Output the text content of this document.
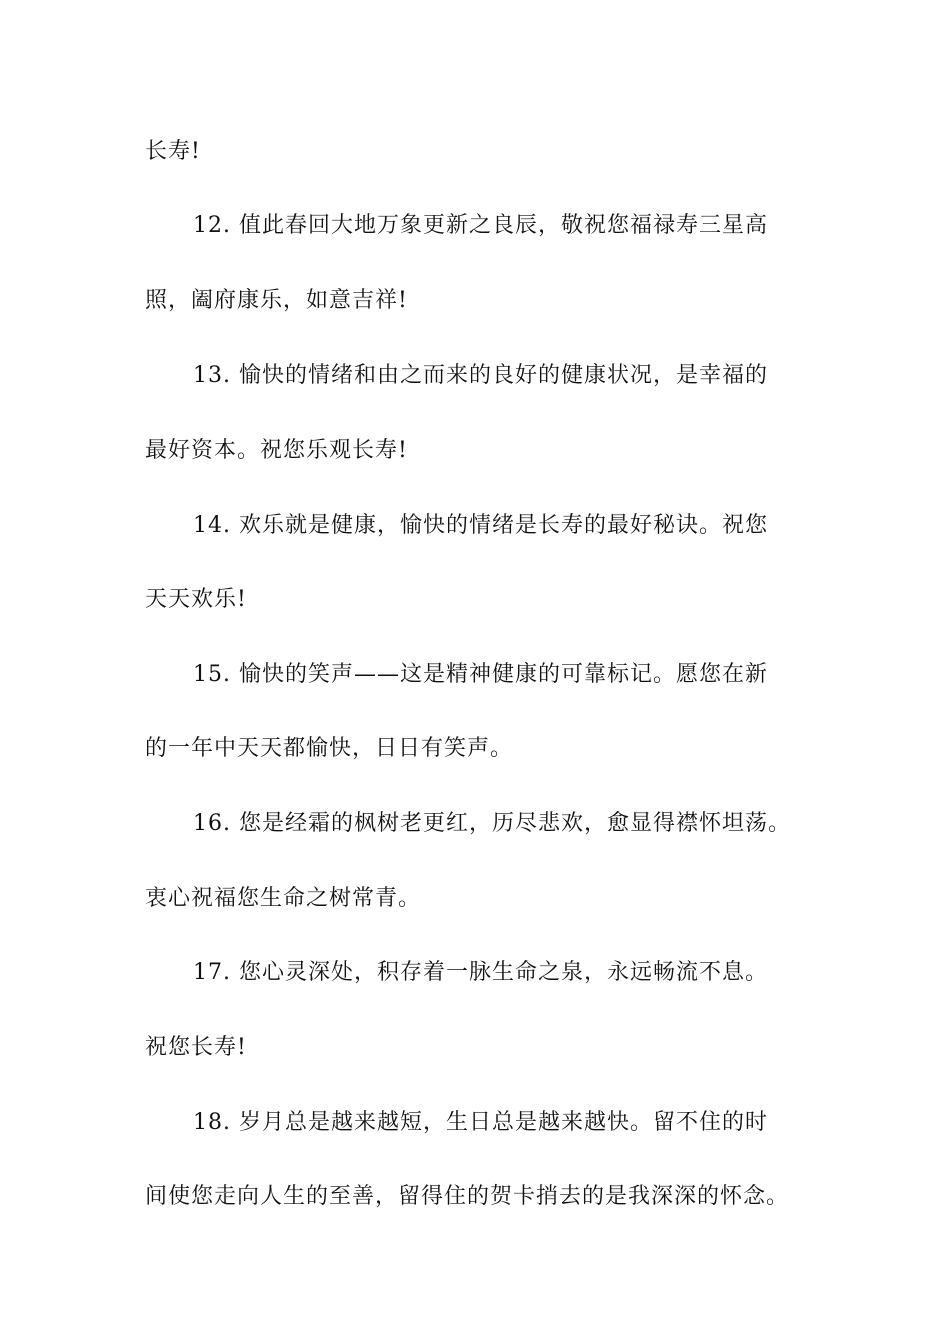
长寿!
12. 值此春回大地万象更新之良辰，敬祝您福禄寿三星高
照，阖府康乐，如意吉祥!
13. 愉快的情绪和由之而来的良好的健康状况，是幸福的
最好资本。祝您乐观长寿!
14. 欢乐就是健康，愉快的情绪是长寿的最好秘诀。祝您
天天欢乐!
15. 愉快的笑声——这是精神健康的可靠标记。愿您在新
的一年中天天都愉快，日日有笑声。
16. 您是经霜的枫树老更红，历尽悲欢，愈显得襟怀坦荡。
衷心祝福您生命之树常青。
17. 您心灵深处，积存着一脉生命之泉，永远畅流不息。
祝您长寿!
18. 岁月总是越来越短，生日总是越来越快。留不住的时
间使您走向人生的至善，留得住的贺卡捎去的是我深深的怀念。
